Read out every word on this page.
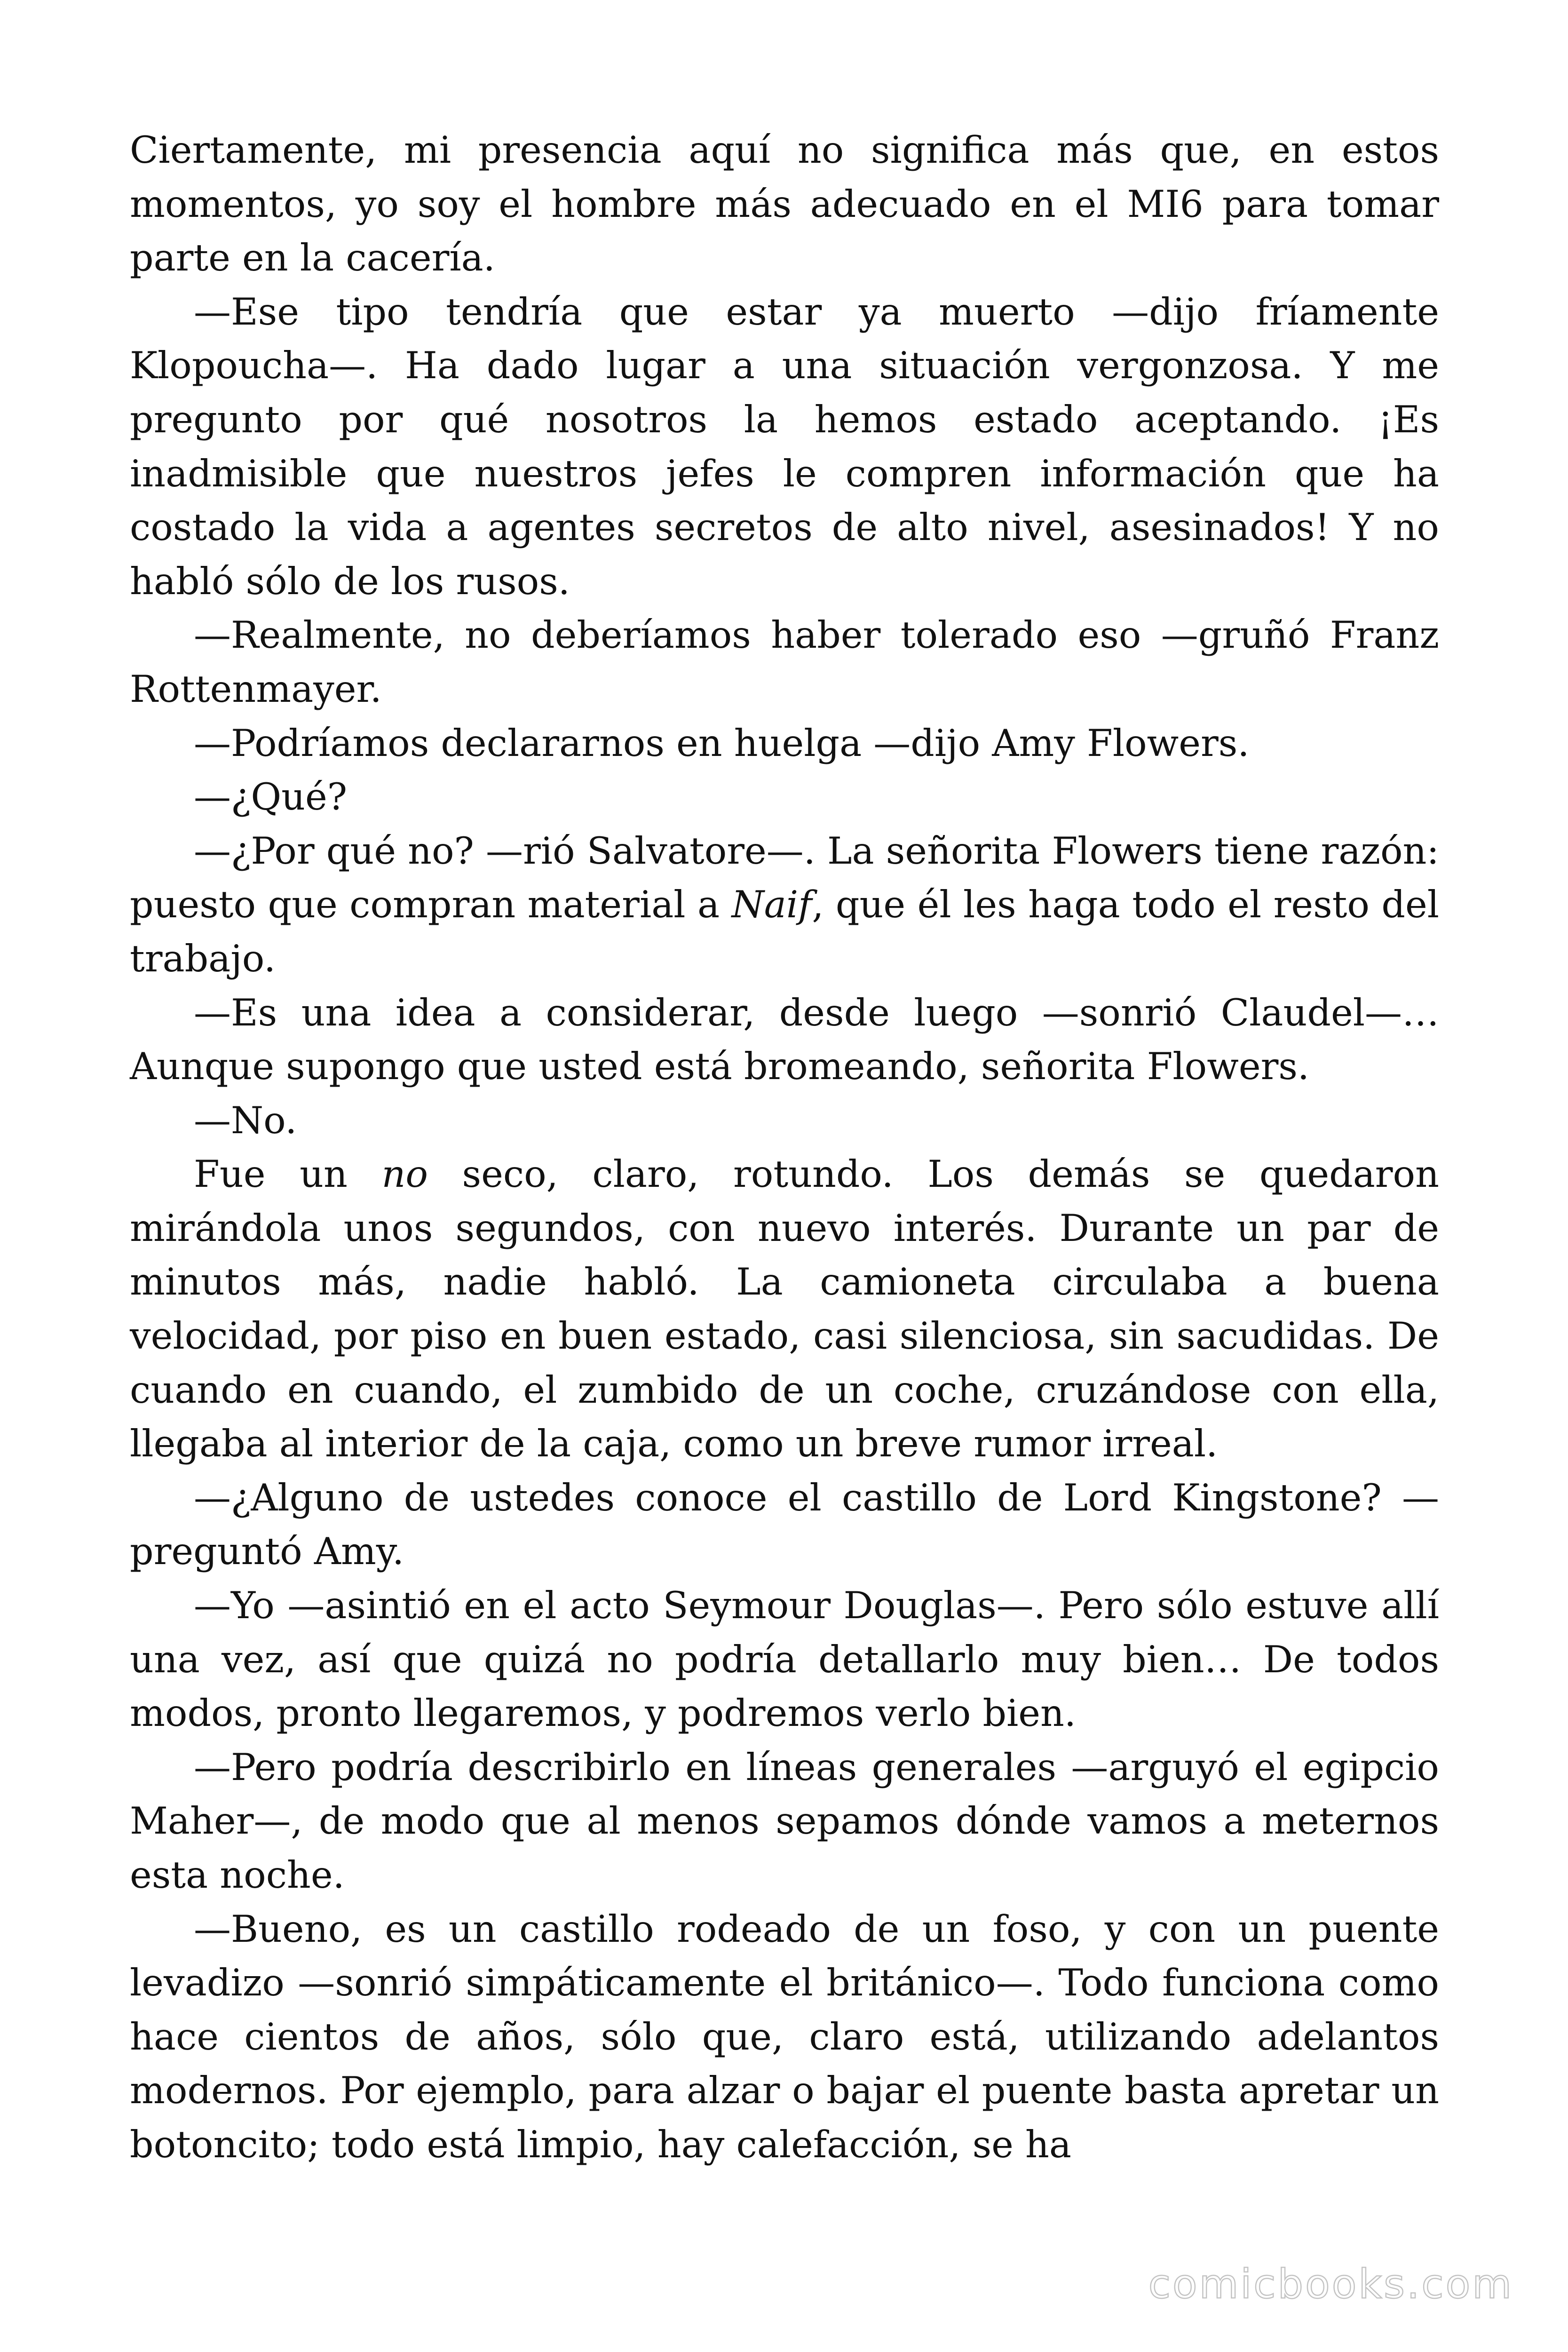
Ciertamente, mi presencia aquí no significa más que, en estos momentos, yo soy el hombre más adecuado en el MI6 para tomar parte en la cacería.

—Ese tipo tendría que estar ya muerto —dijo fríamente Klopoucha—. Ha dado lugar a una situación vergonzosa. Y me pregunto por qué nosotros la hemos estado aceptando. ¡Es inadmisible que nuestros jefes le compren información que ha costado la vida a agentes secretos de alto nivel, asesinados! Y no habló sólo de los rusos.

—Realmente, no deberíamos haber tolerado eso —gruñó Franz Rottenmayer.

—Podríamos declararnos en huelga —dijo Amy Flowers.

—¿Qué?

—¿Por qué no? —rió Salvatore—. La señorita Flowers tiene razón: puesto que compran material a Naif, que él les haga todo el resto del trabajo.

—Es una idea a considerar, desde luego —sonrió Claudel—… Aunque supongo que usted está bromeando, señorita Flowers.

—No.

Fue un no seco, claro, rotundo. Los demás se quedaron mirándola unos segundos, con nuevo interés. Durante un par de minutos más, nadie habló. La camioneta circulaba a buena velocidad, por piso en buen estado, casi silenciosa, sin sacudidas. De cuando en cuando, el zumbido de un coche, cruzándose con ella, llegaba al interior de la caja, como un breve rumor irreal.

—¿Alguno de ustedes conoce el castillo de Lord Kingstone? —preguntó Amy.

—Yo —asintió en el acto Seymour Douglas—. Pero sólo estuve allí una vez, así que quizá no podría detallarlo muy bien… De todos modos, pronto llegaremos, y podremos verlo bien.

—Pero podría describirlo en líneas generales —arguyó el egipcio Maher—, de modo que al menos sepamos dónde vamos a meternos esta noche.

—Bueno, es un castillo rodeado de un foso, y con un puente levadizo —sonrió simpáticamente el británico—. Todo funciona como hace cientos de años, sólo que, claro está, utilizando adelantos modernos. Por ejemplo, para alzar o bajar el puente basta apretar un botoncito; todo está limpio, hay calefacción, se ha

comicbooks.com
